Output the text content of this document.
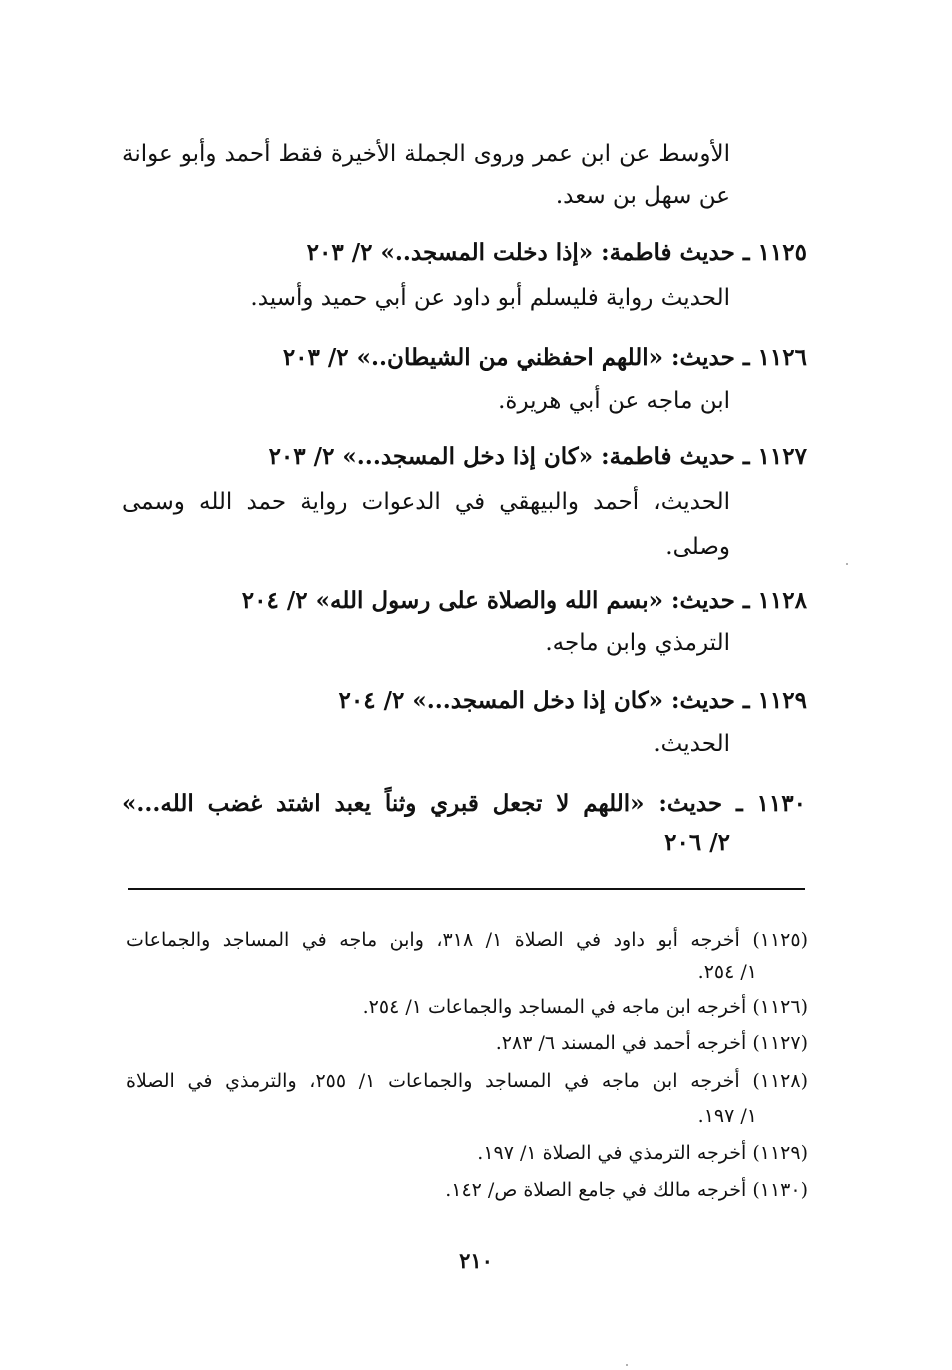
الأوسط عن ابن عمر وروى الجملة الأخيرة فقط أحمد وأبو عوانة
عن سهل بن سعد.
١١٢٥ ـ حديث فاطمة: «إذا دخلت المسجد..» ٢/ ٢٠٣
الحديث رواية فليسلم أبو داود عن أبي حميد وأسيد.
١١٢٦ ـ حديث: «اللهم احفظني من الشيطان..» ٢/ ٢٠٣
ابن ماجه عن أبي هريرة.
١١٢٧ ـ حديث فاطمة: «كان إذا دخل المسجد...» ٢/ ٢٠٣
الحديث، أحمد والبيهقي في الدعوات رواية حمد الله وسمى
وصلى.
١١٢٨ ـ حديث: «بسم الله والصلاة على رسول الله» ٢/ ٢٠٤
الترمذي وابن ماجه.
١١٢٩ ـ حديث: «كان إذا دخل المسجد...» ٢/ ٢٠٤
الحديث.
١١٣٠ ـ حديث: «اللهم لا تجعل قبري وثناً يعبد اشتد غضب الله...»
٢/ ٢٠٦
(١١٢٥) أخرجه أبو داود في الصلاة ١/ ٣١٨، وابن ماجه في المساجد والجماعات
١/ ٢٥٤.
(١١٢٦) أخرجه ابن ماجه في المساجد والجماعات ١/ ٢٥٤.
(١١٢٧) أخرجه أحمد في المسند ٦/ ٢٨٣.
(١١٢٨) أخرجه ابن ماجه في المساجد والجماعات ١/ ٢٥٥، والترمذي في الصلاة
١/ ١٩٧.
(١١٢٩) أخرجه الترمذي في الصلاة ١/ ١٩٧.
(١١٣٠) أخرجه مالك في جامع الصلاة ص/ ١٤٢.
٢١٠
